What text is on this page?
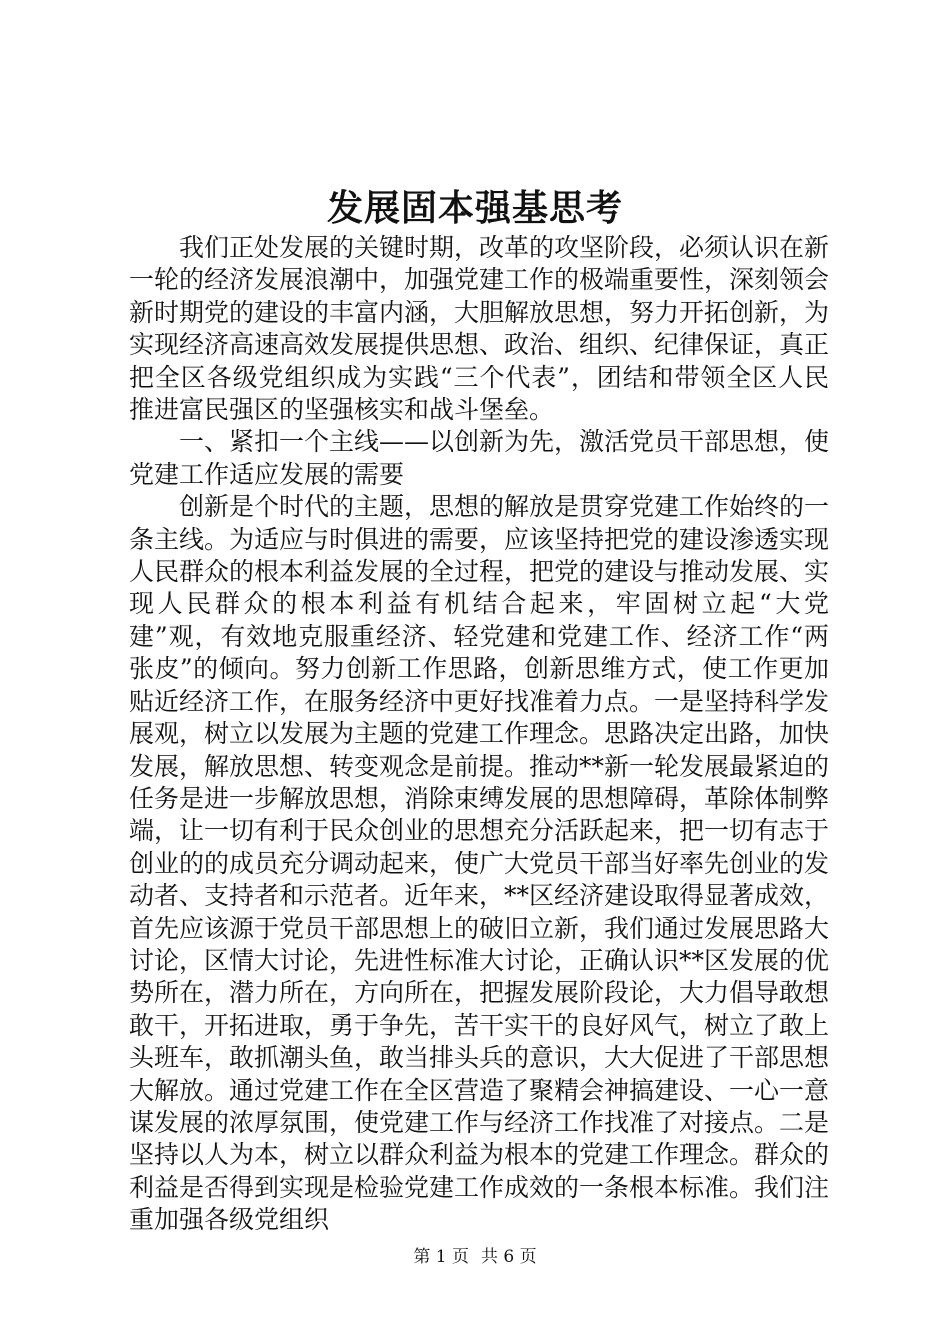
发展固本强基思考

我们正处发展的关键时期，改革的攻坚阶段，必须认识在新一轮的经济发展浪潮中，加强党建工作的极端重要性，深刻领会新时期党的建设的丰富内涵，大胆解放思想，努力开拓创新，为实现经济高速高效发展提供思想、政治、组织、纪律保证，真正把全区各级党组织成为实践“三个代表”，团结和带领全区人民推进富民强区的坚强核实和战斗堡垒。

一、紧扣一个主线——以创新为先，激活党员干部思想，使党建工作适应发展的需要

创新是个时代的主题，思想的解放是贯穿党建工作始终的一条主线。为适应与时俱进的需要，应该坚持把党的建设渗透实现人民群众的根本利益发展的全过程，把党的建设与推动发展、实现人民群众的根本利益有机结合起来，牢固树立起“大党建”观，有效地克服重经济、轻党建和党建工作、经济工作“两张皮”的倾向。努力创新工作思路，创新思维方式，使工作更加贴近经济工作，在服务经济中更好找准着力点。一是坚持科学发展观，树立以发展为主题的党建工作理念。思路决定出路，加快发展，解放思想、转变观念是前提。推动**新一轮发展最紧迫的任务是进一步解放思想，消除束缚发展的思想障碍，革除体制弊端，让一切有利于民众创业的思想充分活跃起来，把一切有志于创业的的成员充分调动起来，使广大党员干部当好率先创业的发动者、支持者和示范者。近年来，**区经济建设取得显著成效，首先应该源于党员干部思想上的破旧立新，我们通过发展思路大讨论，区情大讨论，先进性标准大讨论，正确认识**区发展的优势所在，潜力所在，方向所在，把握发展阶段论，大力倡导敢想敢干，开拓进取，勇于争先，苦干实干的良好风气，树立了敢上头班车，敢抓潮头鱼，敢当排头兵的意识，大大促进了干部思想大解放。通过党建工作在全区营造了聚精会神搞建设、一心一意谋发展的浓厚氛围，使党建工作与经济工作找准了对接点。二是坚持以人为本，树立以群众利益为根本的党建工作理念。群众的利益是否得到实现是检验党建工作成效的一条根本标准。我们注重加强各级党组织

第 1 页 共 6 页
